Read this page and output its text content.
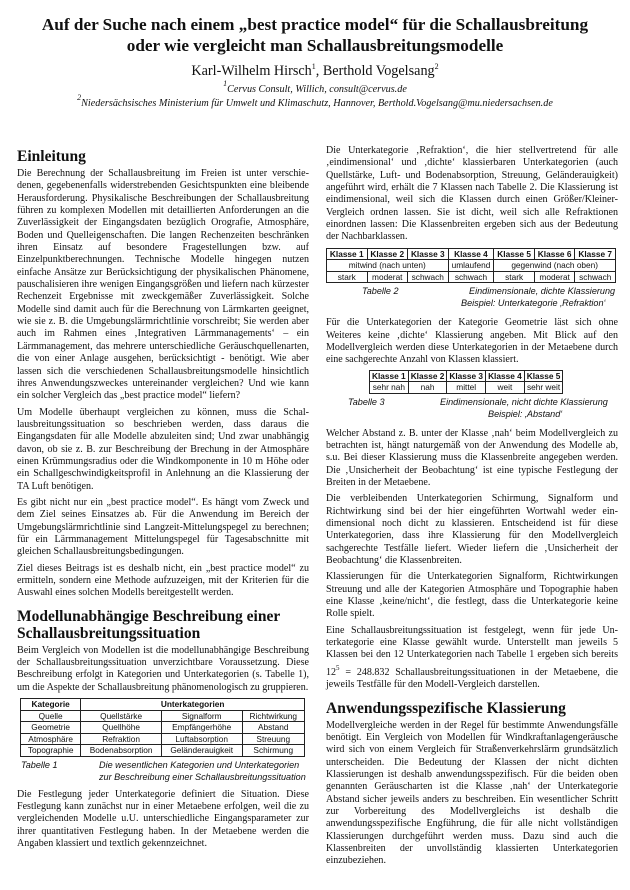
Auf der Suche nach einem „best practice model“ für die Schallausbreitung
oder wie vergleicht man Schallausbreitungsmodelle
Karl-Wilhelm Hirsch$^1$, Berthold Vogelsang$^2$
$^1$Cervus Consult, Willich, consult@cervus.de
$^2$Niedersächsisches Ministerium für Umwelt und Klimaschutz, Hannover, Berthold.Vogelsang@mu.niedersachsen.de
Einleitung

Die Berechnung der Schallausbreitung im Freien ist unter verschiedenen, gegebenenfalls widerstrebenden Gesichtspunkten eine bleibende Herausforderung. Physikalische Beschreibungen der Schallausbreitung führen zu komplexen Modellen mit detaillierten Anforderungen an die Zuverlässigkeit der Eingangsdaten bezüglich Orografie, Atmosphäre, Boden und Quelleigenschaften. Die langen Rechenzeiten beschränken ihren Einsatz auf besondere Fragestellungen bzw. auf Einzelpunktberechnungen. Technische Modelle hingegen nutzen einfache Ansätze zur Berücksichtigung der physikalischen Phänomene, pauschalisieren ihre wenigen Eingangsgrößen und liefern nach kürzester Rechenzeit Ergebnisse mit zweckgemäßer Zuverlässigkeit. Solche Modelle sind damit auch für die Berechnung von Lärmkarten geeignet, wie sie z. B. die Umgebungslärmrichtlinie vorschreibt; Sie werden aber auch im Rahmen eines ‚Integrativen Lärmmanagements‘ – ein Lärmmanagement, das mehrere unterschiedliche Geräuschquellenarten, die von einer Anlage ausgehen, berücksichtigt - benötigt. Wie aber lassen sich die verschiedenen Schallausbreitungsmodelle hinsichtlich ihres Anwendungszweckes untereinander vergleichen? Und wie kann ein solcher Vergleich das „best practice model“ liefern?

Um Modelle überhaupt vergleichen zu können, muss die Schallausbreitungssituation so beschrieben werden, dass daraus die Eingangsdaten für alle Modelle abzuleiten sind; Und zwar unabhängig davon, ob sie z. B. zur Beschreibung der Brechung in der Atmosphäre einen Krümmungsradius oder die Windkomponente in 10 m Höhe oder ein Schallgeschwindigkeitsprofil in Anlehnung an die Klassierung der TA Luft benötigen.

Es gibt nicht nur ein „best practice model“. Es hängt vom Zweck und dem Ziel seines Einsatzes ab. Für die Anwendung im Bereich der Umgebungslärmrichtlinie sind Langzeit-Mittelungspegel zu berechnen; für ein Lärmmanagement Mittelungspegel für Tagesabschnitte mit gleichen Schallausbreitungsbedingungen.

Ziel dieses Beitrags ist es deshalb nicht, ein „best practice model“ zu ermitteln, sondern eine Methode aufzuzeigen, mit der Kriterien für die Auswahl eines solchen Modells bereitgestellt werden.

Modellunabhängige Beschreibung einer Schallausbreitungssituation

Beim Vergleich von Modellen ist die modellunabhängige Beschreibung der Schallausbreitungssituation unverzichtbare Voraussetzung. Diese Beschreibung erfolgt in Kategorien und Unterkategorien (s. Tabelle 1), um die Aspekte der Schallausbreitung phänomenologisch zu gruppieren.

Kategorie	Unterkategorien		
Quelle	Quellstärke	Signalform	Richtwirkung
Geometrie	Quellhöhe	Empfängerhöhe	Abstand
Atmosphäre	Refraktion	Luftabsorption	Streuung
Topographie	Bodenabsorption	Geländerauigkeit	Schirmung
Tabelle 1	Die wesentlichen Kategorien und Unterkategorien
zur Beschreibung einer Schallausbreitungssituation

Die Festlegung jeder Unterkategorie definiert die Situation. Diese Festlegung kann zunächst nur in einer Metaebene erfolgen, weil die zu vergleichenden Modelle u.U. unterschiedliche Eingangsparameter zur ihrer quantitativen Festlegung haben. In der Metaebene werden die Angaben klassiert und textlich gekennzeichnet.

Die Unterkategorie ‚Refraktion‘, die hier stellvertretend für alle ‚eindimensional‘ und ‚dichte‘ klassierbaren Unterkategorien (auch Quellstärke, Luft- und Bodenabsorption, Streuung, Geländerauigkeit) angeführt wird, erhält die 7 Klassen nach Tabelle 2. Die Klassierung ist eindimensional, weil sich die Klassen durch einen Größer/Kleiner-Vergleich ordnen lassen. Sie ist dicht, weil sich alle Refraktionen einordnen lassen: Die Klassenbreiten ergeben sich aus der Bedeutung der Nachbarklassen.

Klasse 1	Klasse 2	Klasse 3	Klasse 4	Klasse 5	Klasse 6	Klasse 7
mitwind (nach unten)			umlaufend	gegenwind (nach oben)		
stark	moderat	schwach	schwach	stark	moderat	schwach
Tabelle 2	Eindimensionale, dichte Klassierung
Beispiel: Unterkategorie ‚Refraktion‘

Für die Unterkategorien der Kategorie Geometrie läst sich ohne Weiteres keine ‚dichte‘ Klassierung angeben. Mit Blick auf den Modellvergleich werden diese Unterkategorien in der Metaebene durch eine sachgerechte Anzahl von Klassen klassiert.

Klasse 1	Klasse 2	Klasse 3	Klasse 4	Klasse 5
sehr nah	nah	mittel	weit	sehr weit
Tabelle 3	Eindimensionale, nicht dichte Klassierung
Beispiel: ‚Abstand‘

Welcher Abstand z. B. unter der Klasse ‚nah‘ beim Modellvergleich zu betrachten ist, hängt naturgemäß von der Anwendung des Modelle ab, s.u. Bei dieser Klassierung muss die Klassenbreite angegeben werden. Die ‚Unsicherheit der Beobachtung‘ ist eine typische Festlegung der Breiten in der Metaebene.

Die verbleibenden Unterkategorien Schirmung, Signalform und Richtwirkung sind bei der hier eingeführten Wortwahl weder eindimensional noch dicht zu klassieren. Entscheidend ist für diese Unterkategorien, dass ihre Klassierung für den Modellvergleich sachgerechte Testfälle liefert. Wieder liefern die ‚Unsicherheit der Beobachtung‘ die Klassenbreiten.

Klassierungen für die Unterkategorien Signalform, Richtwirkungen Streuung und alle der Kategorien Atmosphäre und Topographie haben eine Klasse ‚keine/nicht‘, die festlegt, dass die Unterkategorie keine Rolle spielt.

Eine Schallausbreitungssituation ist festgelegt, wenn für jede Unterkategorie eine Klasse gewählt wurde. Unterstellt man jeweils 5 Klassen bei den 12 Unterkategorien nach Tabelle 1 ergeben sich bereits $12^5 = 248.832$ Schallausbreitungssituationen in der Metaebene, die jeweils Testfälle für den Modell-Vergleich darstellen.

Anwendungsspezifische Klassierung

Modellvergleiche werden in der Regel für bestimmte Anwendungsfälle benötigt. Ein Vergleich von Modellen für Windkraftanlagengeräusche wird sich von einem Vergleich für Straßenverkehrslärm grundsätzlich unterscheiden. Die Bedeutung der Klassen der nicht dichten Klassierungen ist deshalb anwendungsspezifisch. Für die beiden oben genannten Geräuscharten ist die Klasse ‚nah‘ der Unterkategorie Abstand sicher jeweils anders zu beschreiben. Ein wesentlicher Schritt zur Vorbereitung des Modellvergleichs ist deshalb die anwendungsspezifische Engführung, die für alle nicht vollständigen Klassierungen durchgeführt werden muss. Dazu sind auch die Klassenbreiten der unvollständig klassierten Unterkategorien einzubeziehen.
